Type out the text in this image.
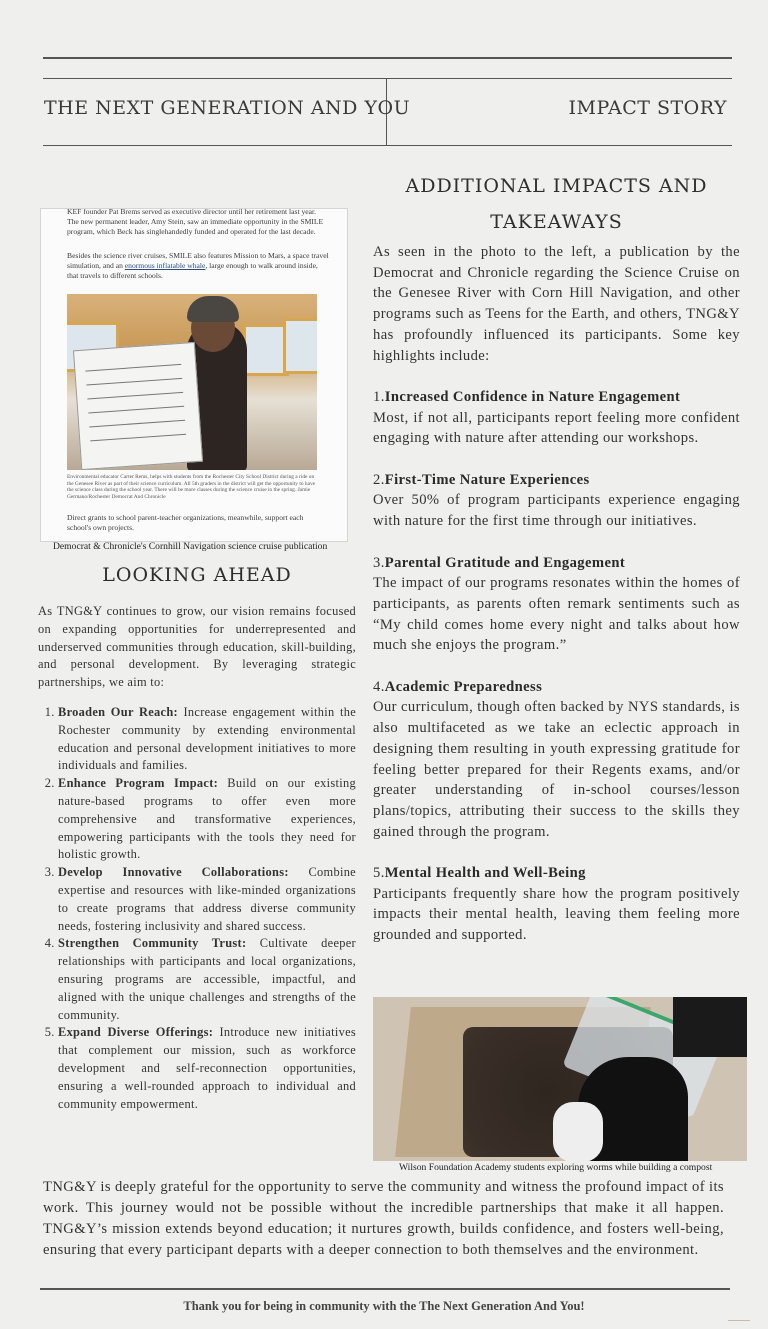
THE NEXT GENERATION AND YOU	IMPACT STORY
KEF founder Pat Brems served as executive director until her retirement last year. The new permanent leader, Amy Stein, saw an immediate opportunity in the SMILE program, which Beck has singlehandedly funded and operated for the last decade.
Besides the science river cruises, SMILE also features Mission to Mars, a space travel simulation, and an enormous inflatable whale, large enough to walk around inside, that travels to different schools.
Environmental educator Carter Rems, helps with students from the Rochester City School District during a ride on the Genesee River as part of their science curriculum. All 5th graders in the district will get the opportunity to have the science class during the school year. There will be more classes during the science cruise in the spring. Jamie Germano/Rochester Democrat And Chronicle
Direct grants to school parent-teacher organizations, meanwhile, support each school's own projects.
Democrat & Chronicle's Cornhill Navigation science cruise publication
LOOKING AHEAD
As TNG&Y continues to grow, our vision remains focused on expanding opportunities for underrepresented and underserved communities through education, skill-building, and personal development. By leveraging strategic partnerships, we aim to:
1. Broaden Our Reach: Increase engagement within the Rochester community by extending environmental education and personal development initiatives to more individuals and families.
2. Enhance Program Impact: Build on our existing nature-based programs to offer even more comprehensive and transformative experiences, empowering participants with the tools they need for holistic growth.
3. Develop Innovative Collaborations: Combine expertise and resources with like-minded organizations to create programs that address diverse community needs, fostering inclusivity and shared success.
4. Strengthen Community Trust: Cultivate deeper relationships with participants and local organizations, ensuring programs are accessible, impactful, and aligned with the unique challenges and strengths of the community.
5. Expand Diverse Offerings: Introduce new initiatives that complement our mission, such as workforce development and self-reconnection opportunities, ensuring a well-rounded approach to individual and community empowerment.
ADDITIONAL IMPACTS AND
TAKEAWAYS

As seen in the photo to the left, a publication by the Democrat and Chronicle regarding the Science Cruise on the Genesee River with Corn Hill Navigation, and other programs such as Teens for the Earth, and others, TNG&Y has profoundly influenced its participants. Some key highlights include:

1.Increased Confidence in Nature Engagement

Most, if not all, participants report feeling more confident engaging with nature after attending our workshops.

2.First-Time Nature Experiences

Over 50% of program participants experience engaging with nature for the first time through our initiatives.

3.Parental Gratitude and Engagement

The impact of our programs resonates within the homes of participants, as parents often remark sentiments such as “My child comes home every night and talks about how much she enjoys the program.”

4.Academic Preparedness

Our curriculum, though often backed by NYS standards, is also multifaceted as we take an eclectic approach in designing them resulting in youth expressing gratitude for feeling better prepared for their Regents exams, and/or greater understanding of in-school courses/lesson plans/topics, attributing their success to the skills they gained through the program.

5.Mental Health and Well-Being

Participants frequently share how the program positively impacts their mental health, leaving them feeling more grounded and supported.

Wilson Foundation Academy students exploring worms while building a compost
TNG&Y is deeply grateful for the opportunity to serve the community and witness the profound impact of its work. This journey would not be possible without the incredible partnerships that make it all happen. TNG&Y’s mission extends beyond education; it nurtures growth, builds confidence, and fosters well-being, ensuring that every participant departs with a deeper connection to both themselves and the environment.
Thank you for being in community with the The Next Generation And You!
